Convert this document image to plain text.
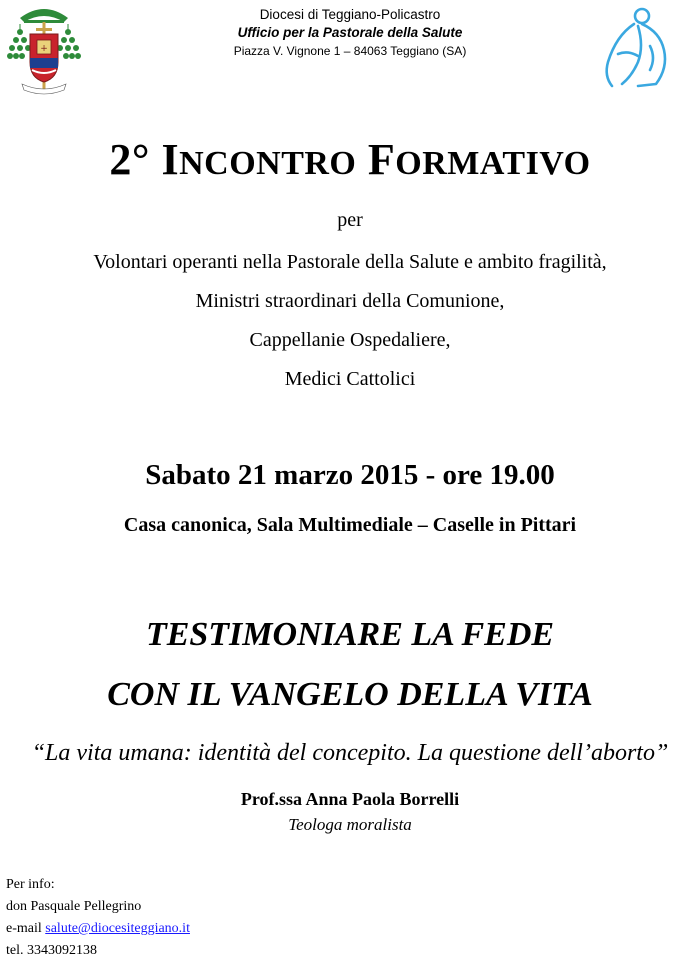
+
Diocesi di Teggiano-Policastro
Ufficio per la Pastorale della Salute
Piazza V. Vignone 1 – 84063 Teggiano (SA)
2° INCONTRO FORMATIVO
per
Volontari operanti nella Pastorale della Salute e ambito fragilità,
Ministri straordinari della Comunione,
Cappellanie Ospedaliere,
Medici Cattolici
Sabato 21 marzo 2015 - ore 19.00
Casa canonica, Sala Multimediale – Caselle in Pittari
TESTIMONIARE LA FEDE
CON IL VANGELO DELLA VITA
“La vita umana: identità del concepito. La questione dell’aborto”
Prof.ssa Anna Paola Borrelli
Teologa moralista
Per info:
don Pasquale Pellegrino
e-mail salute@diocesiteggiano.it
tel. 3343092138
